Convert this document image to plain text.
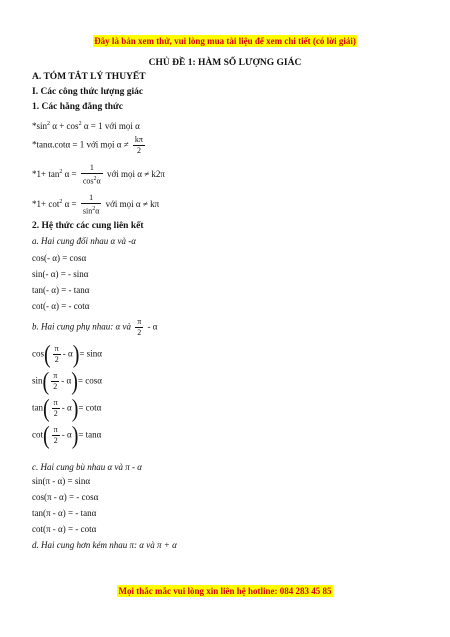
Đây là bản xem thử, vui lòng mua tài liệu để xem chi tiết (có lời giải)
CHỦ ĐỀ 1: HÀM SỐ LƯỢNG GIÁC
A. TÓM TẮT LÝ THUYẾT
I. Các công thức lượng giác
1. Các hằng đẳng thức
$*\sin^2$ $\alpha + \cos^2 \alpha = 1$ với mọi α
*tanα.cotα = 1 với mọi $\alpha \ne \frac{k\pi}{2}$
$*1+ \tan^2 \alpha = \frac{1}{\cos^2\alpha}$ với mọi α ≠ k2π
$*1+ \cot^2 \alpha = \frac{1}{\sin^2\alpha}$ với mọi α ≠ kπ
2. Hệ thức các cung liên kết
a. Hai cung đối nhau α và -α
cos(- α) = cosα
sin(- α) = - sinα
tan(- α) = - tanα
cot(- α) = - cotα
b. Hai cung phụ nhau: α và $\frac{\pi}{2}$ - α
$\cos( \frac{\pi}{2} - \alpha)= \sin\alpha$
$\sin( \frac{\pi}{2} - \alpha)= \cos\alpha$
$\tan( \frac{\pi}{2} - \alpha)= \cot\alpha$
$\cot( \frac{\pi}{2} - \alpha)= \tan\alpha$
c. Hai cung bù nhau α và π - α
sin(π - α) = sinα
cos(π - α) = - cosα
tan(π - α) = - tanα
cot(π - α) = - cotα
d. Hai cung hơn kém nhau π: α và π + α
Mọi thắc mắc vui lòng xin liên hệ hotline: 084 283 45 85
